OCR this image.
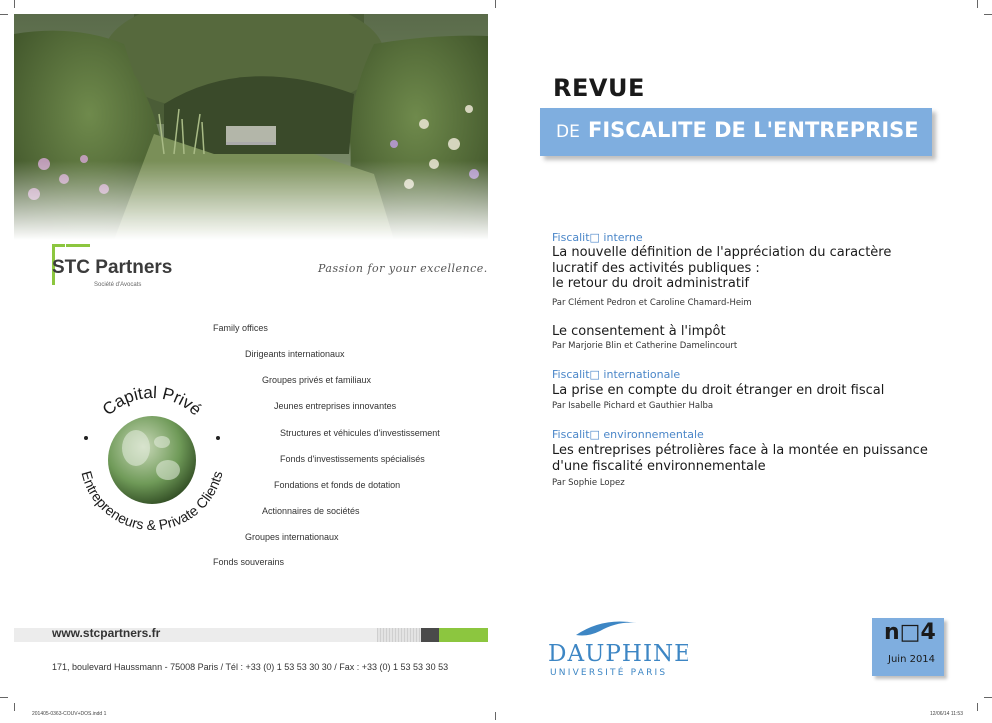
STC Partners
Société d'Avocats
Passion for your excellence.
Family offices
Dirigeants internationaux
Groupes privés et familiaux
Jeunes entreprises innovantes
Structures et véhicules d'investissement
Fonds d'investissements spécialisés
Fondations et fonds de dotation
Actionnaires de sociétés
Groupes internationaux
Fonds souverains
Capital Privé
Entrepreneurs & Private Clients
www.stcpartners.fr
171, boulevard Haussmann - 75008 Paris / Tél : +33 (0) 1 53 53 30 30 / Fax : +33 (0) 1 53 53 30 53
201405-0363-COUV+DOS.indd 1	12/06/14 11:53
REVUE
DE FISCALITE DE L'ENTREPRISE
Fiscalit□ interne
La nouvelle définition de l'appréciation du caractère
lucratif des activités publiques :
le retour du droit administratif
Par Clément Pedron et Caroline Chamard-Heim
Le consentement à l'impôt
Par Marjorie Blin et Catherine Damelincourt
Fiscalit□ internationale
La prise en compte du droit étranger en droit fiscal
Par Isabelle Pichard et Gauthier Halba
Fiscalit□ environnementale
Les entreprises pétrolières face à la montée en puissance
d'une fiscalité environnementale
Par Sophie Lopez
DAUPHINE
UNIVERSITÉ PARIS
n□4
Juin 2014
